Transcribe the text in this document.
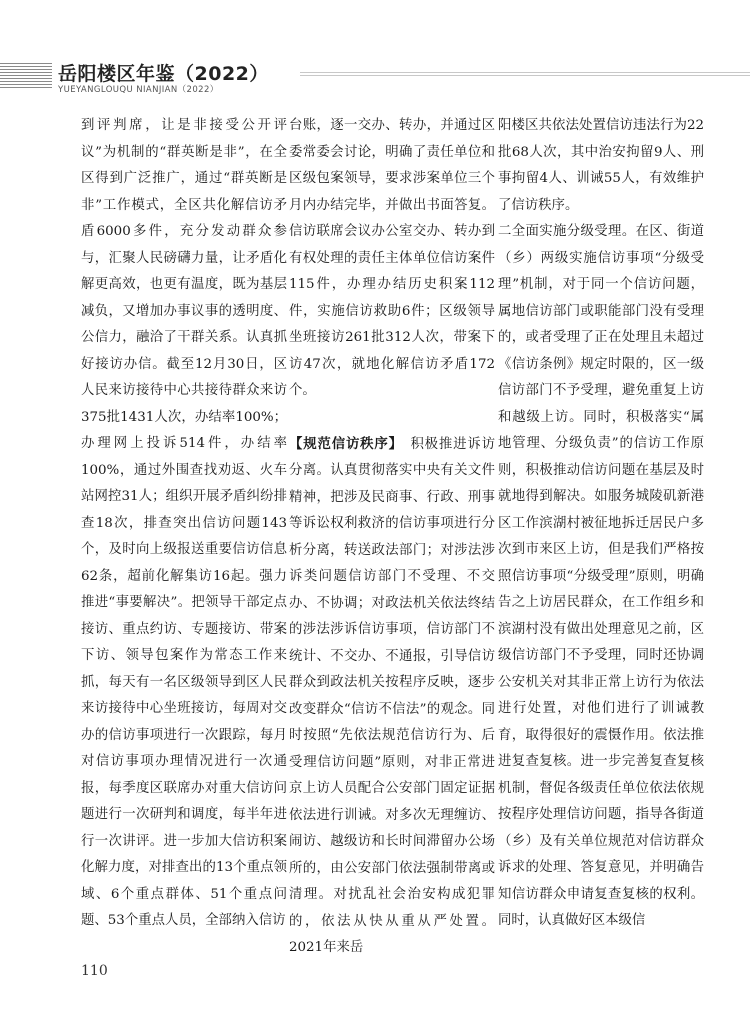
岳阳楼区年鉴（2022）
YUEYANGLOUQU NIANJIAN（2022）

到评判席，让是非接受公开评议”为机制的“群英断是非”，在全区得到广泛推广，通过“群英断是非”工作模式，全区共化解信访矛盾6000多件，充分发动群众参与，汇聚人民磅礴力量，让矛盾化解更高效，也更有温度，既为基层减负，又增加办事议事的透明度、公信力，融洽了干群关系。认真抓好接访办信。截至12月30日，区人民来访接待中心共接待群众来访375批1431人次，办结率100%；办理网上投诉514件，办结率100%，通过外围查找劝返、火车站网控31人；组织开展矛盾纠纷排查18次，排查突出信访问题143个，及时向上级报送重要信访信息62条，超前化解集访16起。强力推进“事要解决”。把领导干部定点接访、重点约访、专题接访、带案下访、领导包案作为常态工作来抓，每天有一名区级领导到区人民来访接待中心坐班接访，每周对交办的信访事项进行一次跟踪，每月对信访事项办理情况进行一次通报，每季度区联席办对重大信访问题进行一次研判和调度，每半年进行一次讲评。进一步加大信访积案化解力度，对排查出的13个重点领域、6个重点群体、51个重点问题、53个重点人员，全部纳入信访

台账，逐一交办、转办，并通过区委常委会讨论，明确了责任单位和区级包案领导，要求涉案单位三个月内办结完毕，并做出书面答复。信访联席会议办公室交办、转办到有权处理的责任主体单位信访案件115件，办理办结历史积案112件，实施信访救助6件；区级领导坐班接访261批312人次，带案下访47次，就地化解信访矛盾172个。

【规范信访秩序】　 积极推进诉访分离。认真贯彻落实中央有关文件精神，把涉及民商事、行政、刑事等诉讼权利救济的信访事项进行分析分离，转送政法部门；对涉法涉诉类问题信访部门不受理、不交办、不协调；对政法机关依法终结的涉法涉诉信访事项，信访部门不统计、不交办、不通报，引导信访群众到政法机关按程序反映，逐步改变群众“信访不信法”的观念。同时按照“先依法规范信访行为、后受理信访问题”原则，对非正常进京上访人员配合公安部门固定证据依法进行训诫。对多次无理缠访、闹访、越级访和长时间滞留办公场所的，由公安部门依法强制带离或清理。对扰乱社会治安构成犯罪的，依法从快从重从严处置。2021年来岳

阳楼区共依法处置信访违法行为22批68人次，其中治安拘留9人、刑事拘留4人、训诫55人，有效维护了信访秩序。

二全面实施分级受理。在区、街道（乡）两级实施信访事项“分级受理”机制，对于同一个信访问题，属地信访部门或职能部门没有受理的，或者受理了正在处理且未超过《信访条例》规定时限的，区一级信访部门不予受理，避免重复上访和越级上访。同时，积极落实“属地管理、分级负责”的信访工作原则，积极推动信访问题在基层及时就地得到解决。如服务城陵矶新港区工作滨湖村被征地拆迁居民户多次到市来区上访，但是我们严格按照信访事项“分级受理”原则，明确告之上访居民群众，在工作组乡和滨湖村没有做出处理意见之前，区级信访部门不予受理，同时还协调公安机关对其非正常上访行为依法进行处置，对他们进行了训诫教育，取得很好的震慑作用。依法推进复查复核。进一步完善复查复核机制，督促各级责任单位依法依规按程序处理信访问题，指导各街道（乡）及有关单位规范对信访群众诉求的处理、答复意见，并明确告知信访群众申请复查复核的权利。同时，认真做好区本级信

110
